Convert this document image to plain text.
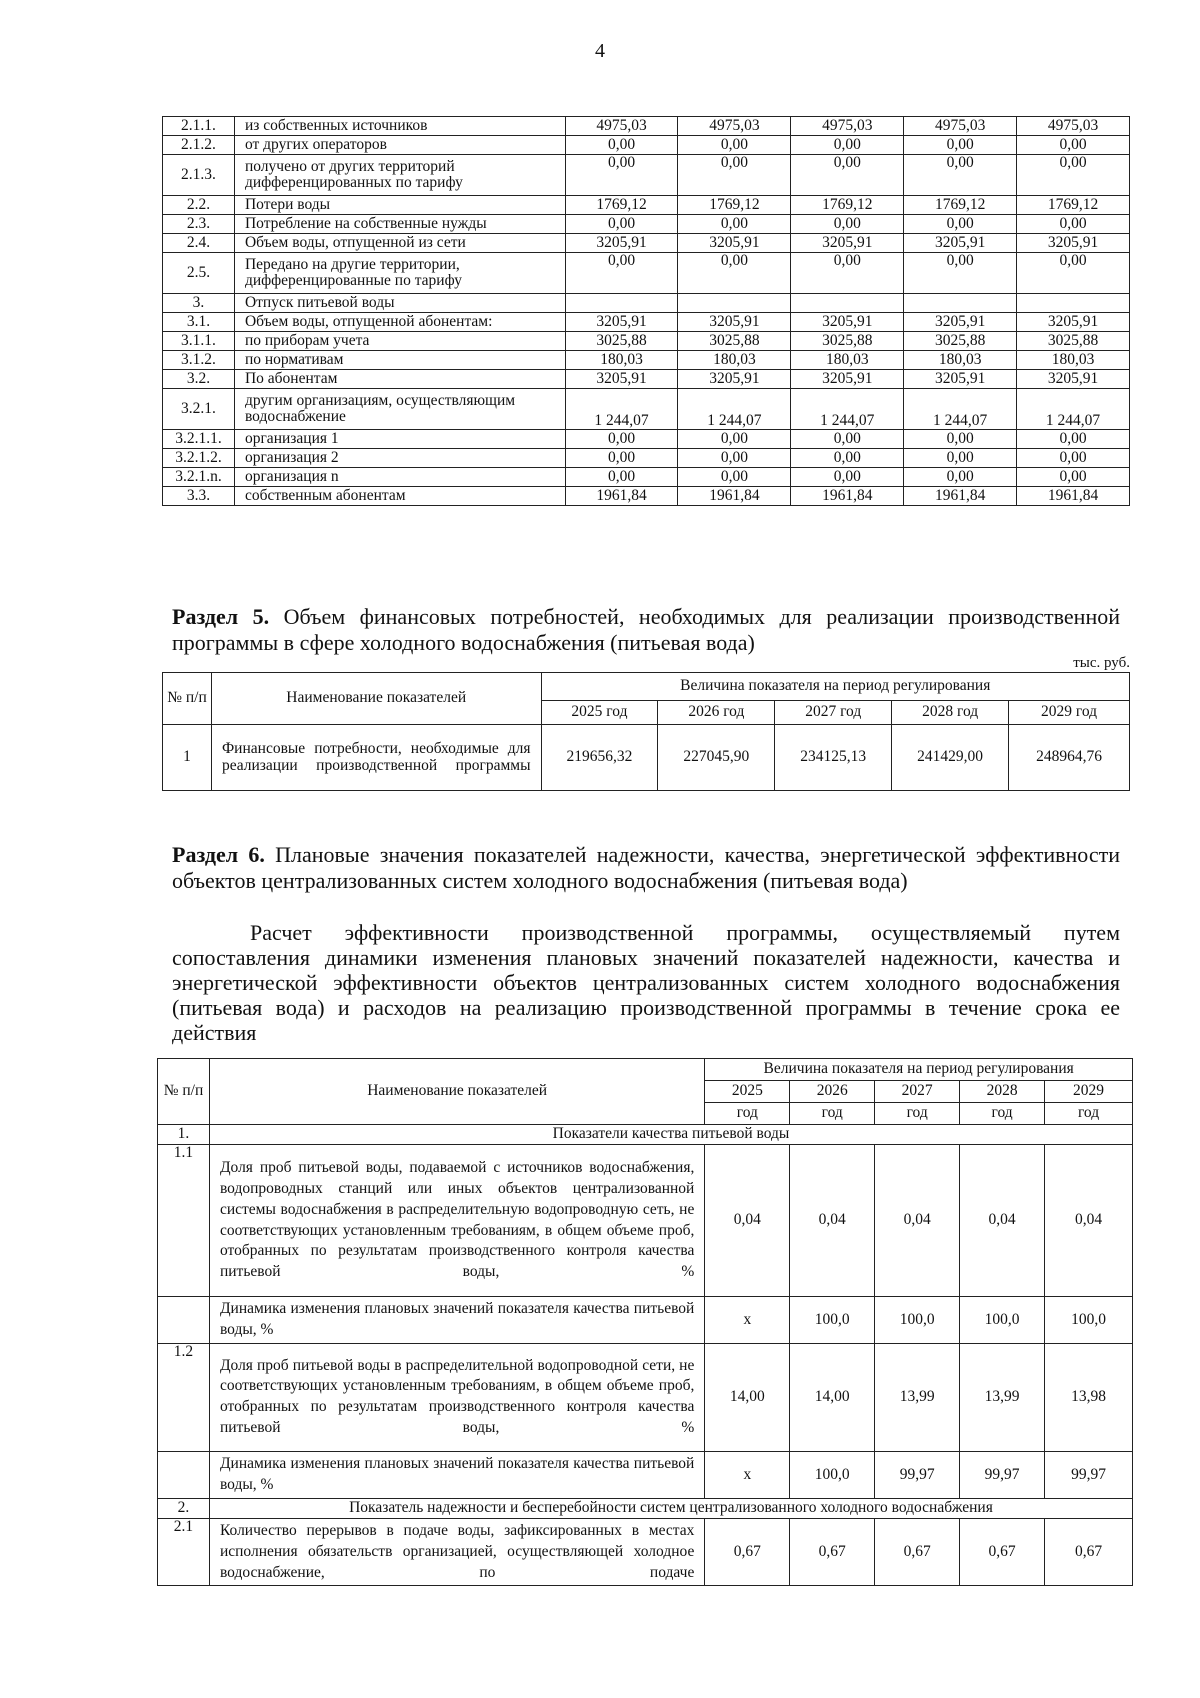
4
2.1.1.	из собственных источников	4975,03	4975,03	4975,03	4975,03	4975,03
2.1.2.	от других операторов	0,00	0,00	0,00	0,00	0,00
2.1.3.	получено от других территорий дифференцированных по тарифу	0,00	0,00	0,00	0,00	0,00
2.2.	Потери воды	1769,12	1769,12	1769,12	1769,12	1769,12
2.3.	Потребление на собственные нужды	0,00	0,00	0,00	0,00	0,00
2.4.	Объем воды, отпущенной из сети	3205,91	3205,91	3205,91	3205,91	3205,91
2.5.	Передано на другие территории, дифференцированные по тарифу	0,00	0,00	0,00	0,00	0,00
3.	Отпуск питьевой воды					
3.1.	Объем воды, отпущенной абонентам:	3205,91	3205,91	3205,91	3205,91	3205,91
3.1.1.	по приборам учета	3025,88	3025,88	3025,88	3025,88	3025,88
3.1.2.	по нормативам	180,03	180,03	180,03	180,03	180,03
3.2.	По абонентам	3205,91	3205,91	3205,91	3205,91	3205,91
3.2.1.	другим организациям, осуществляющим водоснабжение	1 244,07	1 244,07	1 244,07	1 244,07	1 244,07
3.2.1.1.	организация 1	0,00	0,00	0,00	0,00	0,00
3.2.1.2.	организация 2	0,00	0,00	0,00	0,00	0,00
3.2.1.n.	организация n	0,00	0,00	0,00	0,00	0,00
3.3.	собственным абонентам	1961,84	1961,84	1961,84	1961,84	1961,84
Раздел 5. Объем финансовых потребностей, необходимых для реализации производственной программы в сфере холодного водоснабжения (питьевая вода)
тыс. руб.
№ п/п	Наименование показателей	Величина показателя на период регулирования				
		2025 год	2026 год	2027 год	2028 год	2029 год
1	Финансовые потребности, необходимые для реализации производственной программы	219656,32	227045,90	234125,13	241429,00	248964,76
Раздел 6. Плановые значения показателей надежности, качества, энергетической эффективности объектов централизованных систем холодного водоснабжения (питьевая вода)
Расчет эффективности производственной программы, осуществляемый путем сопоставления динамики изменения плановых значений показателей надежности, качества и энергетической эффективности объектов централизованных систем холодного водоснабжения (питьевая вода) и расходов на реализацию производственной программы в течение срока ее действия
№ п/п	Наименование показателей	Величина показателя на период регулирования				
		2025	2026	2027	2028	2029
		год	год	год	год	год
1.	Показатели качества питьевой воды					
1.1	Доля проб питьевой воды, подаваемой с источников водоснабжения, водопроводных станций или иных объектов централизованной системы водоснабжения в распределительную водопроводную сеть, не соответствующих установленным требованиям, в общем объеме проб, отобранных по результатам производственного контроля качества питьевой воды, %	0,04	0,04	0,04	0,04	0,04
	Динамика изменения плановых значений показателя качества питьевой воды, %	x	100,0	100,0	100,0	100,0
1.2	Доля проб питьевой воды в распределительной водопроводной сети, не соответствующих установленным требованиям, в общем объеме проб, отобранных по результатам производственного контроля качества питьевой воды, %	14,00	14,00	13,99	13,99	13,98
	Динамика изменения плановых значений показателя качества питьевой воды, %	x	100,0	99,97	99,97	99,97
2.	Показатель надежности и бесперебойности систем централизованного холодного водоснабжения					
2.1	Количество перерывов в подаче воды, зафиксированных в местах исполнения обязательств организацией, осуществляющей холодное водоснабжение, по подаче	0,67	0,67	0,67	0,67	0,67
